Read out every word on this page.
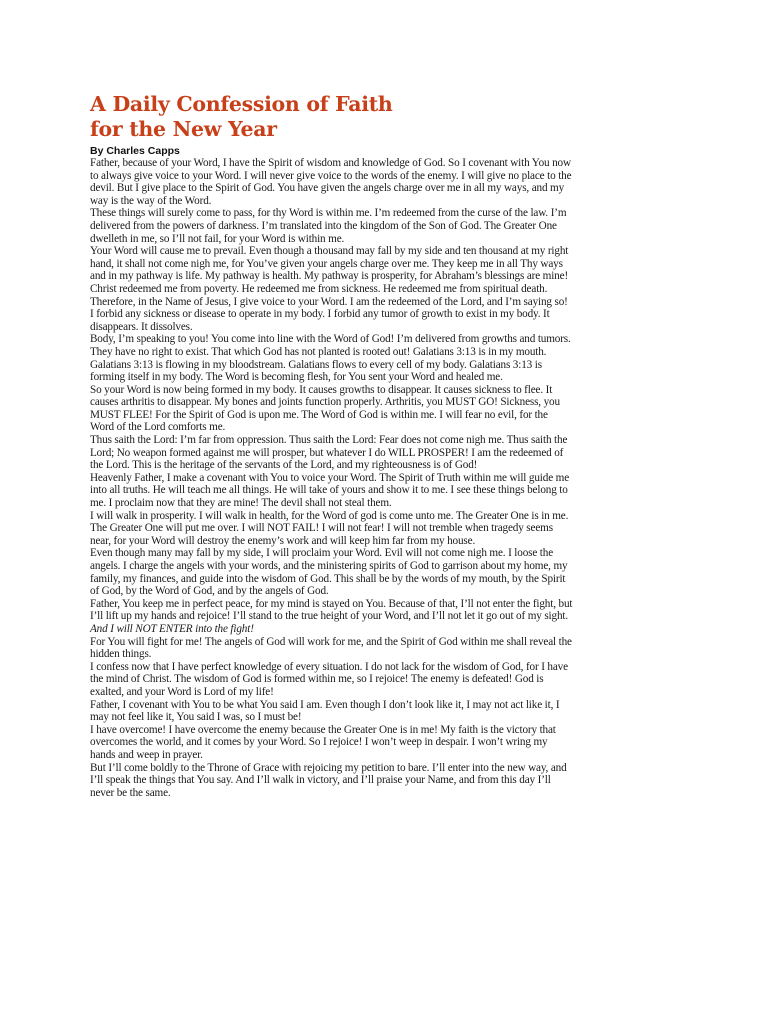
A Daily Confession of Faith
for the New Year

By Charles Capps

Father, because of your Word, I have the Spirit of wisdom and knowledge of God. So I covenant with You now to always give voice to your Word. I will never give voice to the words of the enemy. I will give no place to the devil. But I give place to the Spirit of God. You have given the angels charge over me in all my ways, and my way is the way of the Word.

These things will surely come to pass, for thy Word is within me. I’m redeemed from the curse of the law. I’m delivered from the powers of darkness. I’m translated into the kingdom of the Son of God. The Greater One dwelleth in me, so I’ll not fail, for your Word is within me.

Your Word will cause me to prevail. Even though a thousand may fall by my side and ten thousand at my right hand, it shall not come nigh me, for You’ve given your angels charge over me. They keep me in all Thy ways and in my pathway is life. My pathway is health. My pathway is prosperity, for Abraham’s blessings are mine!

Christ redeemed me from poverty. He redeemed me from sickness. He redeemed me from spiritual death. Therefore, in the Name of Jesus, I give voice to your Word. I am the redeemed of the Lord, and I’m saying so!

I forbid any sickness or disease to operate in my body. I forbid any tumor of growth to exist in my body. It disappears. It dissolves.

Body, I’m speaking to you! You come into line with the Word of God! I’m delivered from growths and tumors. They have no right to exist. That which God has not planted is rooted out! Galatians 3:13 is in my mouth. Galatians 3:13 is flowing in my bloodstream. Galatians flows to every cell of my body. Galatians 3:13 is forming itself in my body. The Word is becoming flesh, for You sent your Word and healed me.

So your Word is now being formed in my body. It causes growths to disappear. It causes sickness to flee. It causes arthritis to disappear. My bones and joints function properly. Arthritis, you MUST GO! Sickness, you MUST FLEE! For the Spirit of God is upon me. The Word of God is within me. I will fear no evil, for the Word of the Lord comforts me.

Thus saith the Lord: I’m far from oppression. Thus saith the Lord: Fear does not come nigh me. Thus saith the Lord; No weapon formed against me will prosper, but whatever I do WILL PROSPER! I am the redeemed of the Lord. This is the heritage of the servants of the Lord, and my righteousness is of God!

Heavenly Father, I make a covenant with You to voice your Word. The Spirit of Truth within me will guide me into all truths. He will teach me all things. He will take of yours and show it to me. I see these things belong to me. I proclaim now that they are mine! The devil shall not steal them.

I will walk in prosperity. I will walk in health, for the Word of god is come unto me. The Greater One is in me. The Greater One will put me over. I will NOT FAIL! I will not fear! I will not tremble when tragedy seems near, for your Word will destroy the enemy’s work and will keep him far from my house.

Even though many may fall by my side, I will proclaim your Word. Evil will not come nigh me. I loose the angels. I charge the angels with your words, and the ministering spirits of God to garrison about my home, my family, my finances, and guide into the wisdom of God. This shall be by the words of my mouth, by the Spirit of God, by the Word of God, and by the angels of God.

Father, You keep me in perfect peace, for my mind is stayed on You. Because of that, I’ll not enter the fight, but I’ll lift up my hands and rejoice! I’ll stand to the true height of your Word, and I’ll not let it go out of my sight. And I will NOT ENTER into the fight!

For You will fight for me! The angels of God will work for me, and the Spirit of God within me shall reveal the hidden things.

I confess now that I have perfect knowledge of every situation. I do not lack for the wisdom of God, for I have the mind of Christ. The wisdom of God is formed within me, so I rejoice! The enemy is defeated! God is exalted, and your Word is Lord of my life!

Father, I covenant with You to be what You said I am. Even though I don’t look like it, I may not act like it, I may not feel like it, You said I was, so I must be!

I have overcome! I have overcome the enemy because the Greater One is in me! My faith is the victory that overcomes the world, and it comes by your Word. So I rejoice! I won’t weep in despair. I won’t wring my hands and weep in prayer.

But I’ll come boldly to the Throne of Grace with rejoicing my petition to bare. I’ll enter into the new way, and I’ll speak the things that You say. And I’ll walk in victory, and I’ll praise your Name, and from this day I’ll never be the same.
